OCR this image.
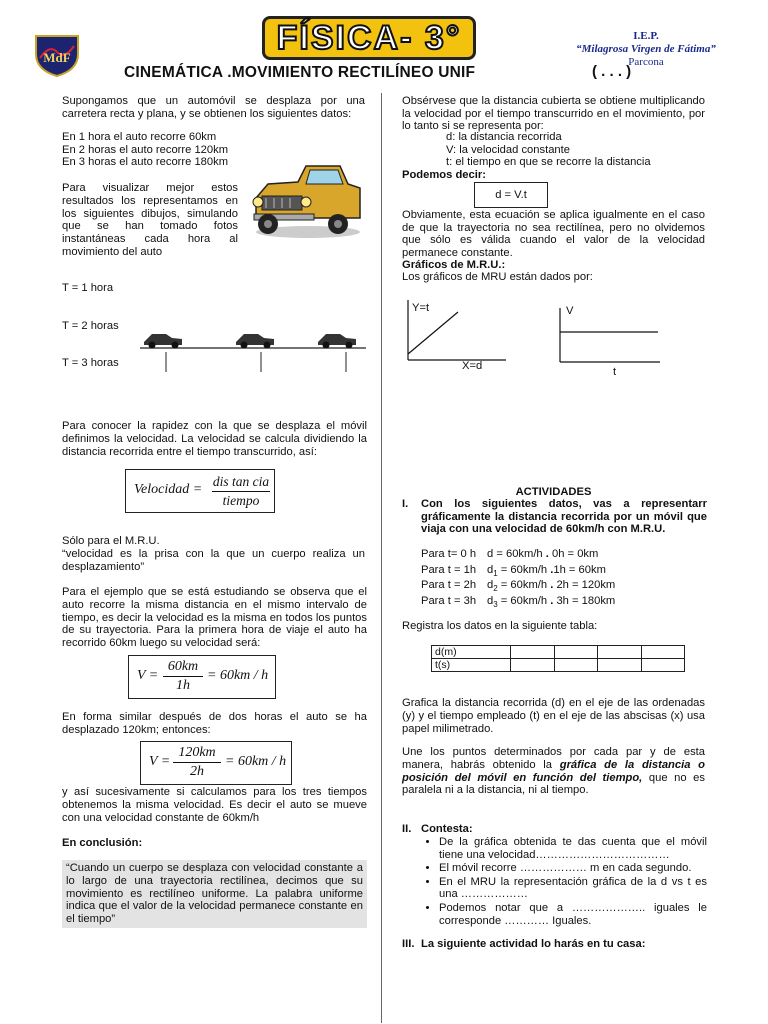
MdF
FÍSICA- 3°	I.E.P.
“Milagrosa Virgen de Fátima”
Parcona
CINEMÁTICA .MOVIMIENTO RECTILÍNEO UNIF	( . . . )
Supongamos que un automóvil se desplaza por una carretera recta y plana, y se obtienen los siguientes datos:
En 1 hora el auto recorre 60km
En 2 horas el auto recorre 120km
En 3 horas el auto recorre 180km
Para visualizar mejor estos resultados los representamos en los siguientes dibujos, simulando que se han tomado fotos instantáneas cada hora al movimiento del auto
T = 1 hora
T = 2 horas
T = 3 horas
Para conocer la rapidez con la que se desplaza el móvil definimos la velocidad. La velocidad se calcula dividiendo la distancia recorrida entre el tiempo transcurrido, así:
Velocidad =
dis tan cia
tiempo
Sólo para el M.R.U.
“velocidad es la prisa con la que un cuerpo realiza un desplazamiento”
Para el ejemplo que se está estudiando se observa que el auto recorre la misma distancia en el mismo intervalo de tiempo, es decir la velocidad es la misma en todos los puntos de su trayectoria. Para la primera hora de viaje el auto ha recorrido 60km luego su velocidad será:
V =
60km
1h
= 60km / h
En forma similar después de dos horas el auto se ha desplazado 120km; entonces:
V =
120km
2h
= 60km / h
y así sucesivamente si calculamos para los tres tiempos obtenemos la misma velocidad. Es decir el auto se mueve con una velocidad constante de 60km/h
En conclusión:
“Cuando un cuerpo se desplaza con velocidad constante a lo largo de una trayectoria rectilínea, decimos que su movimiento es rectilíneo uniforme. La palabra uniforme indica que el valor de la velocidad permanece constante en el tiempo”
Obsérvese que la distancia cubierta se obtiene multiplicando la velocidad por el tiempo transcurrido en el movimiento, por lo tanto si se representa por:
d: la distancia recorrida
V: la velocidad constante
t: el tiempo en que se recorre la distancia
Podemos decir:
d = V.t
Obviamente, esta ecuación se aplica igualmente en el caso de que la trayectoria no sea rectilínea, pero no olvidemos que sólo es válida cuando el valor de la velocidad permanece constante.
Gráficos de M.R.U.:
Los gráficos de MRU están dados por:
Y=t
X=d
V
t
ACTIVIDADES
I. Con los siguientes datos, vas a representarr gráficamente la distancia recorrida por un móvil que viaja con una velocidad de 60km/h con M.R.U.
Para t= 0 h d = 60km/h . 0h = 0km
Para t = 1h $d_1 = 60km/h$ .1h = 60km
Para t = 2h $d_2 = 60km/h$ . 2h = 120km
Para t = 3h $d_3 = 60km/h$ . 3h = 180km
Registra los datos en la siguiente tabla:
d(m)				
t(s)				
Grafica la distancia recorrida (d) en el eje de las ordenadas (y) y el tiempo empleado (t) en el eje de las abscisas (x) usa papel milimetrado.
Une los puntos determinados por cada par y de esta manera, habrás obtenido la gráfica de la distancia o posición del móvil en función del tiempo, que no es paralela ni a la distancia, ni al tiempo.
II. Contesta:
• De la gráfica obtenida te das cuenta que el móvil tiene una velocidad………………………………
• El móvil recorre ……………… m en cada segundo.
• En el MRU la representación gráfica de la d vs t es una ………………
• Podemos notar que a ……………….. iguales le corresponde ………… Iguales.
III. La siguiente actividad lo harás en tu casa:
